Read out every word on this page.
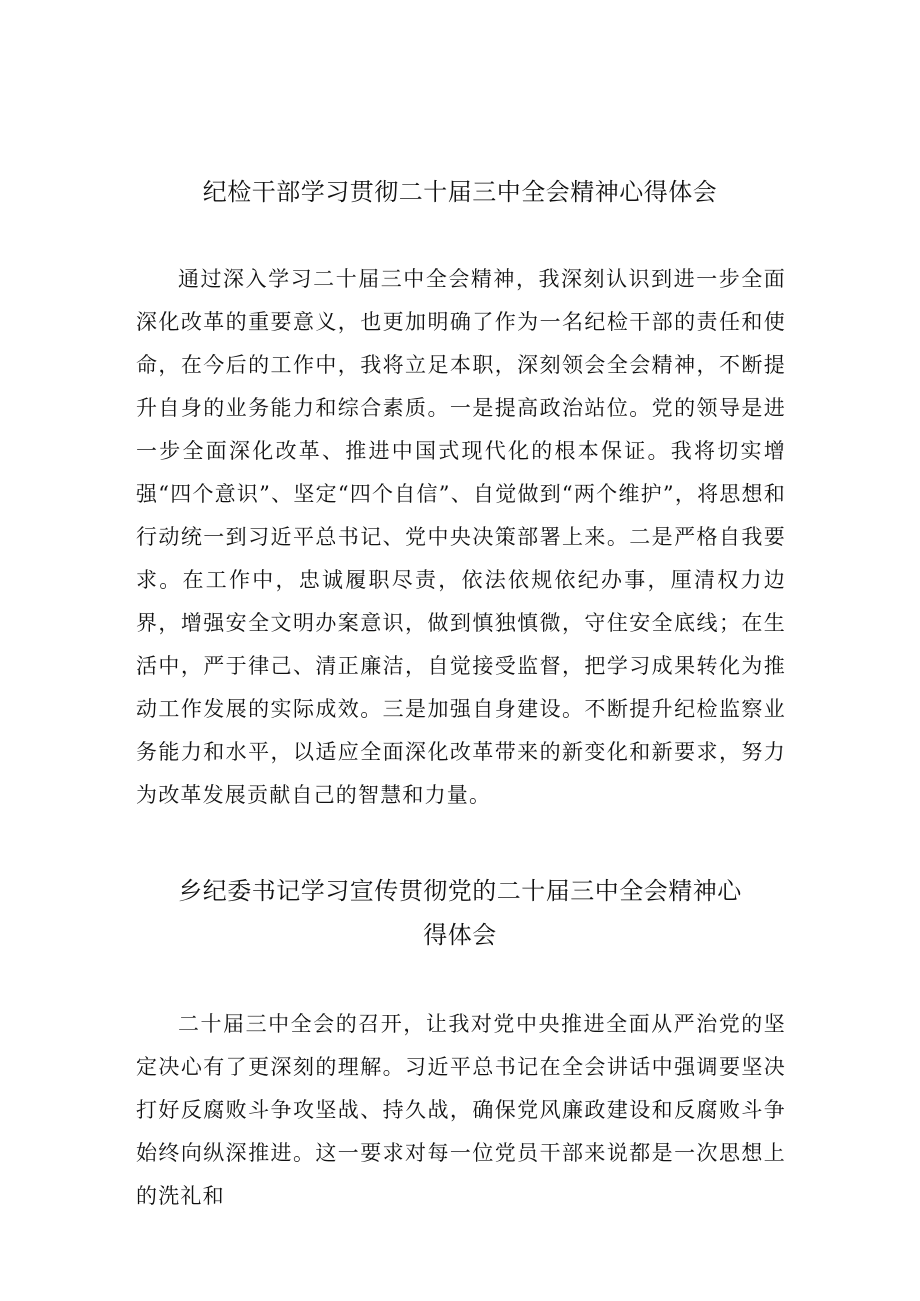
纪检干部学习贯彻二十届三中全会精神心得体会

通过深入学习二十届三中全会精神，我深刻认识到进一步全面深化改革的重要意义，也更加明确了作为一名纪检干部的责任和使命，在今后的工作中，我将立足本职，深刻领会全会精神，不断提升自身的业务能力和综合素质。一是提高政治站位。党的领导是进一步全面深化改革、推进中国式现代化的根本保证。我将切实增强“四个意识”、坚定“四个自信”、自觉做到“两个维护”，将思想和行动统一到习近平总书记、党中央决策部署上来。二是严格自我要求。在工作中，忠诚履职尽责，依法依规依纪办事，厘清权力边界，增强安全文明办案意识，做到慎独慎微，守住安全底线；在生活中，严于律己、清正廉洁，自觉接受监督，把学习成果转化为推动工作发展的实际成效。三是加强自身建设。不断提升纪检监察业务能力和水平，以适应全面深化改革带来的新变化和新要求，努力为改革发展贡献自己的智慧和力量。

乡纪委书记学习宣传贯彻党的二十届三中全会精神心
得体会

二十届三中全会的召开，让我对党中央推进全面从严治党的坚定决心有了更深刻的理解。习近平总书记在全会讲话中强调要坚决打好反腐败斗争攻坚战、持久战，确保党风廉政建设和反腐败斗争始终向纵深推进。这一要求对每一位党员干部来说都是一次思想上的洗礼和
